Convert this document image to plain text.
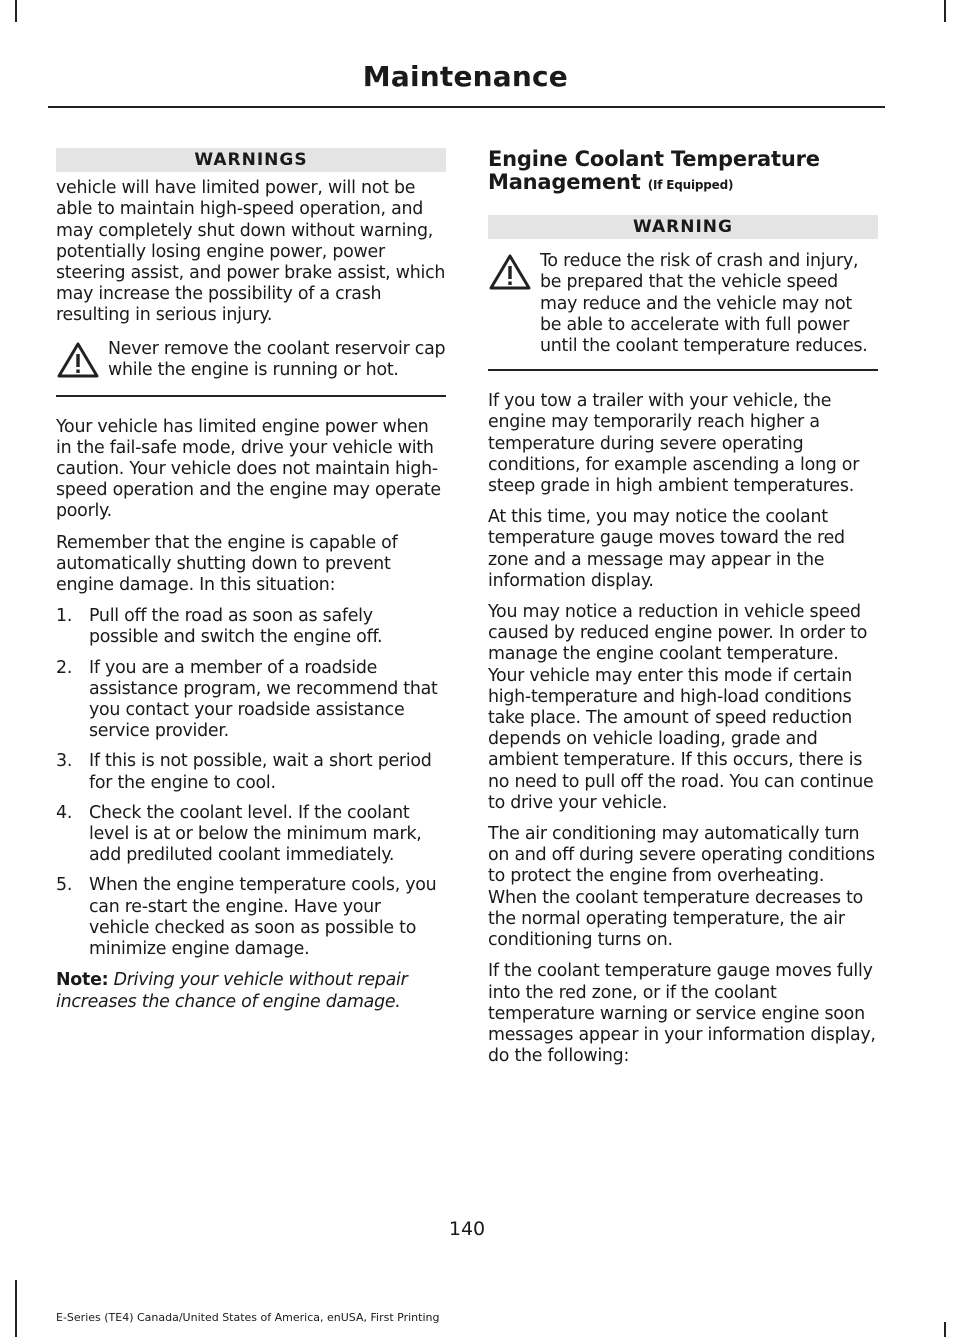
Maintenance
WARNINGS

vehicle will have limited power, will not be able to maintain high-speed operation, and may completely shut down without warning, potentially losing engine power, power steering assist, and power brake assist, which may increase the possibility of a crash resulting in serious injury.

Never remove the coolant reservoir cap while the engine is running or hot.

Your vehicle has limited engine power when in the fail-safe mode, drive your vehicle with caution. Your vehicle does not maintain high-speed operation and the engine may operate poorly.

Remember that the engine is capable of automatically shutting down to prevent engine damage. In this situation:

1. Pull off the road as soon as safely possible and switch the engine off.
2. If you are a member of a roadside assistance program, we recommend that you contact your roadside assistance service provider.
3. If this is not possible, wait a short period for the engine to cool.
4. Check the coolant level. If the coolant level is at or below the minimum mark, add prediluted coolant immediately.
5. When the engine temperature cools, you can re-start the engine. Have your vehicle checked as soon as possible to minimize engine damage.

Note: Driving your vehicle without repair increases the chance of engine damage.

Engine Coolant Temperature Management (If Equipped)
WARNING
To reduce the risk of crash and injury, be prepared that the vehicle speed may reduce and the vehicle may not be able to accelerate with full power until the coolant temperature reduces.

If you tow a trailer with your vehicle, the engine may temporarily reach higher a temperature during severe operating conditions, for example ascending a long or steep grade in high ambient temperatures.

At this time, you may notice the coolant temperature gauge moves toward the red zone and a message may appear in the information display.

You may notice a reduction in vehicle speed caused by reduced engine power. In order to manage the engine coolant temperature. Your vehicle may enter this mode if certain high-temperature and high-load conditions take place. The amount of speed reduction depends on vehicle loading, grade and ambient temperature. If this occurs, there is no need to pull off the road. You can continue to drive your vehicle.

The air conditioning may automatically turn on and off during severe operating conditions to protect the engine from overheating. When the coolant temperature decreases to the normal operating temperature, the air conditioning turns on.

If the coolant temperature gauge moves fully into the red zone, or if the coolant temperature warning or service engine soon messages appear in your information display, do the following:

140
E-Series (TE4) Canada/United States of America, enUSA, First Printing
